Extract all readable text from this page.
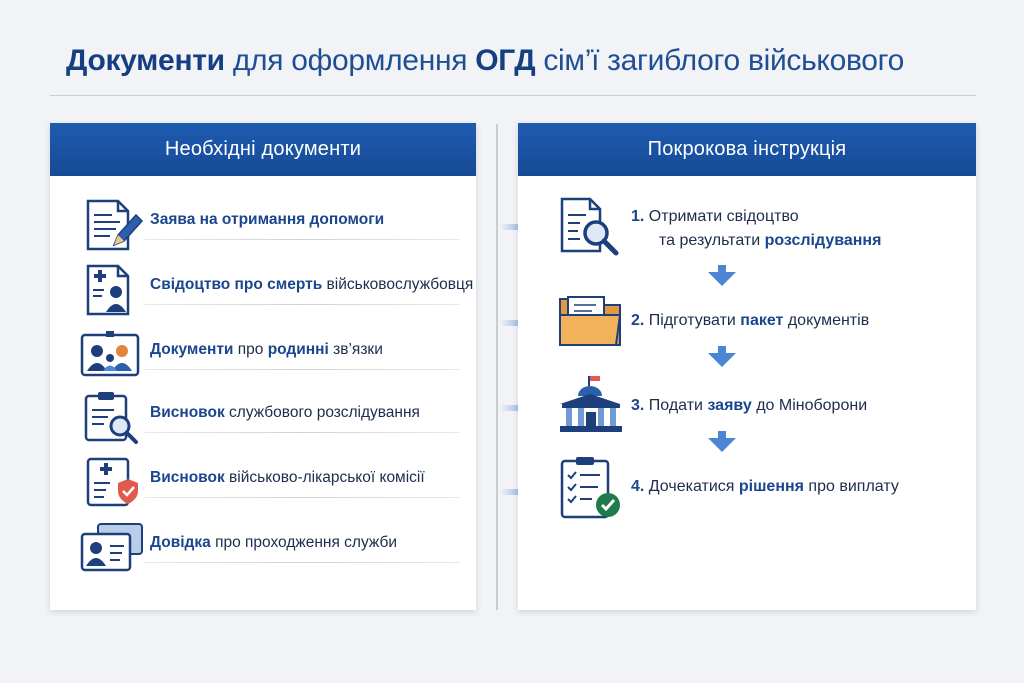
Документи для оформлення ОГД сім’ї загиблого військового
Необхідні документи
Заява на отримання допомоги
Свідоцтво про смерть військовослужбовця
Документи про родинні зв’язки
Висновок службового розслідування
Висновок військово-лікарської комісії
Довідка про проходження служби
Покрокова інструкція
1. Отримати свідоцтво
та результати розслідування
2. Підготувати пакет документів
3. Подати заяву до Міноборони
4. Дочекатися рішення про виплату
